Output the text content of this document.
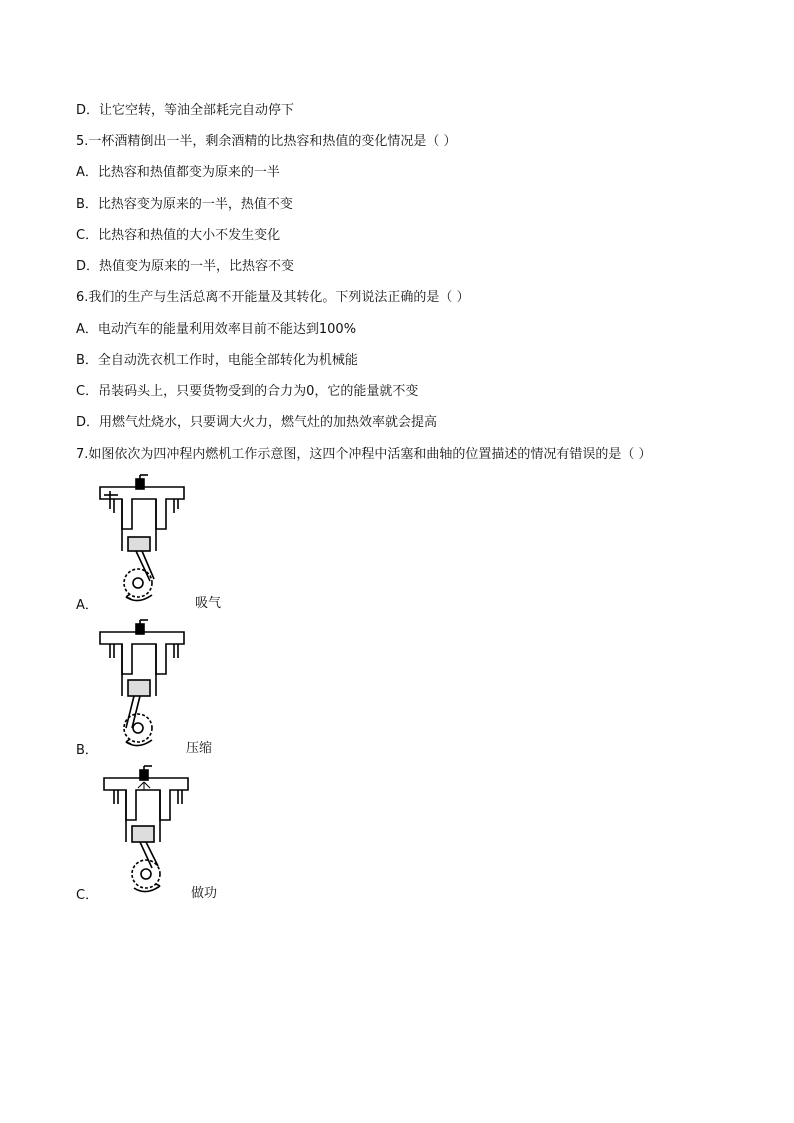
D．让它空转，等油全部耗完自动停下
5.一杯酒精倒出一半，剩余酒精的比热容和热值的变化情况是（ ）
A．比热容和热值都变为原来的一半
B．比热容变为原来的一半，热值不变
C．比热容和热值的大小不发生变化
D．热值变为原来的一半，比热容不变
6.我们的生产与生活总离不开能量及其转化。下列说法正确的是（ ）
A．电动汽车的能量利用效率目前不能达到100%
B．全自动洗衣机工作时，电能全部转化为机械能
C．吊装码头上，只要货物受到的合力为0，它的能量就不变
D．用燃气灶烧水，只要调大火力，燃气灶的加热效率就会提高
7.如图依次为四冲程内燃机工作示意图，这四个冲程中活塞和曲轴的位置描述的情况有错误的是（ ）
A．	吸气
B．	压缩
C．	做功
